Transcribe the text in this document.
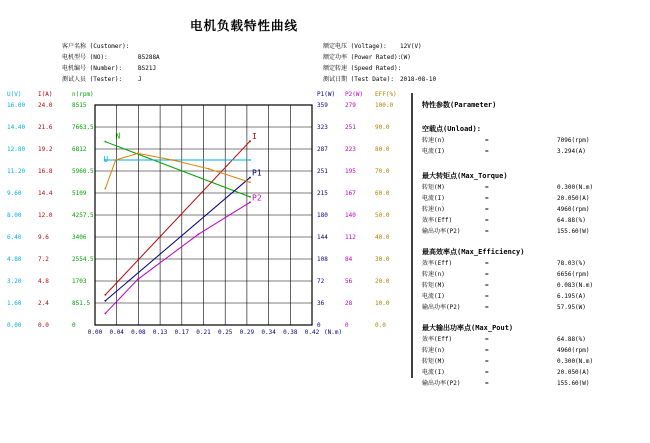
电机负载特性曲线
客户名称 (Customer):
电机型号 (NO):	B5288A
电机编号 (Number):	BS21J
测试人员 (Tester):	J
额定电压 (Voltage): 12V(V)
额定功率 (Power Rated):
(W)
额定转速 (Speed Rated):
测试日期 (Test Date): 2018-08-10
0.00 0.04 0.08 0.13 0.17 0.21 0.25 0.29 0.34 0.38 0.42 (N.m)
U(V)
0.00
1.60
3.20
4.80
6.40
8.00
9.60
11.20
12.80
14.40
16.00
I(A)
0.0
2.4
4.8
7.2
9.6
12.0
14.4
16.8
19.2
21.6
24.0
n(rpm)
0
851.5
1703
2554.5
3406
4257.5
5109
5960.5
6812
7663.5
8515
P1(W)
0
36
72
108
144
180
215
251
287
323
359
P2(W)
0
28
56
84
112
140
167
195
223
251
279
EFF(%)
0.0
10.0
20.0
30.0
40.0
50.0
60.0
70.0
80.0
90.0
100.0
N	I
P1
P2
U
特性参数(Parameter)
空载点(Unload):
转速(n)	=	7096(rpm)
电流(I)	=	3.294(A)
最大转矩点(Max_Torque)
转矩(M)	=	0.300(N.m)
电流(I)	=	20.050(A)
转速(n)	=	4960(rpm)
效率(Eff)	=	64.88(%)
输出功率(P2)	=	155.60(W)
最高效率点(Max_Efficiency)
效率(Eff)	=	78.03(%)
转速(n)	=	6656(rpm)
转矩(M)	=	0.083(N.m)
电流(I)	=	6.195(A)
输出功率(P2)	=	57.95(W)
最大输出功率点(Max_Pout)
效率(Eff)	=	64.88(%)
转速(n)	=	4960(rpm)
转矩(M)	=	0.300(N.m)
电流(I)	=	20.050(A)
输出功率(P2)	=	155.60(W)
